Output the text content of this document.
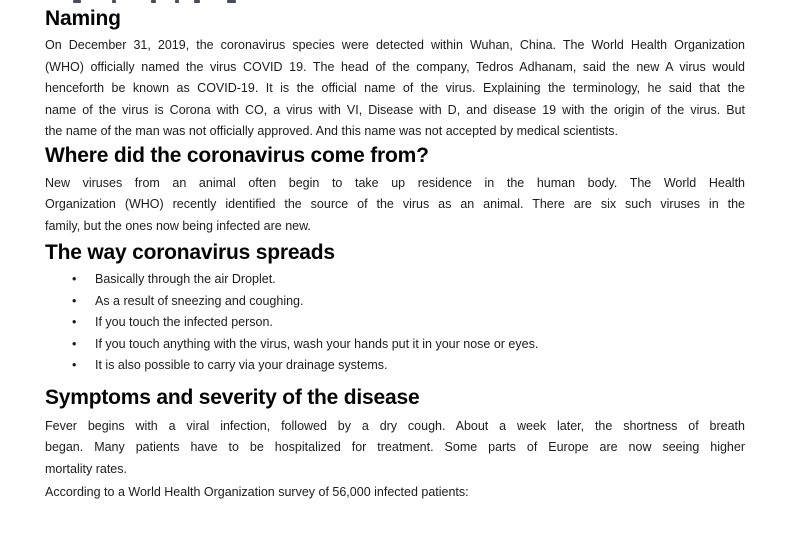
Naming
On December 31, 2019, the coronavirus species were detected within Wuhan, China. The World Health Organization
(WHO) officially named the virus COVID 19. The head of the company, Tedros Adhanam, said the new A virus would
henceforth be known as COVID-19. It is the official name of the virus. Explaining the terminology, he said that the
name of the virus is Corona with CO, a virus with VI, Disease with D, and disease 19 with the origin of the virus. But
the name of the man was not officially approved. And this name was not accepted by medical scientists.
Where did the coronavirus come from?
New viruses from an animal often begin to take up residence in the human body. The World Health
Organization (WHO) recently identified the source of the virus as an animal. There are six such viruses in the
family, but the ones now being infected are new.
The way coronavirus spreads
• Basically through the air Droplet.
• As a result of sneezing and coughing.
• If you touch the infected person.
• If you touch anything with the virus, wash your hands put it in your nose or eyes.
• It is also possible to carry via your drainage systems.
Symptoms and severity of the disease
Fever begins with a viral infection, followed by a dry cough. About a week later, the shortness of breath
began. Many patients have to be hospitalized for treatment. Some parts of Europe are now seeing higher
mortality rates.
According to a World Health Organization survey of 56,000 infected patients:
